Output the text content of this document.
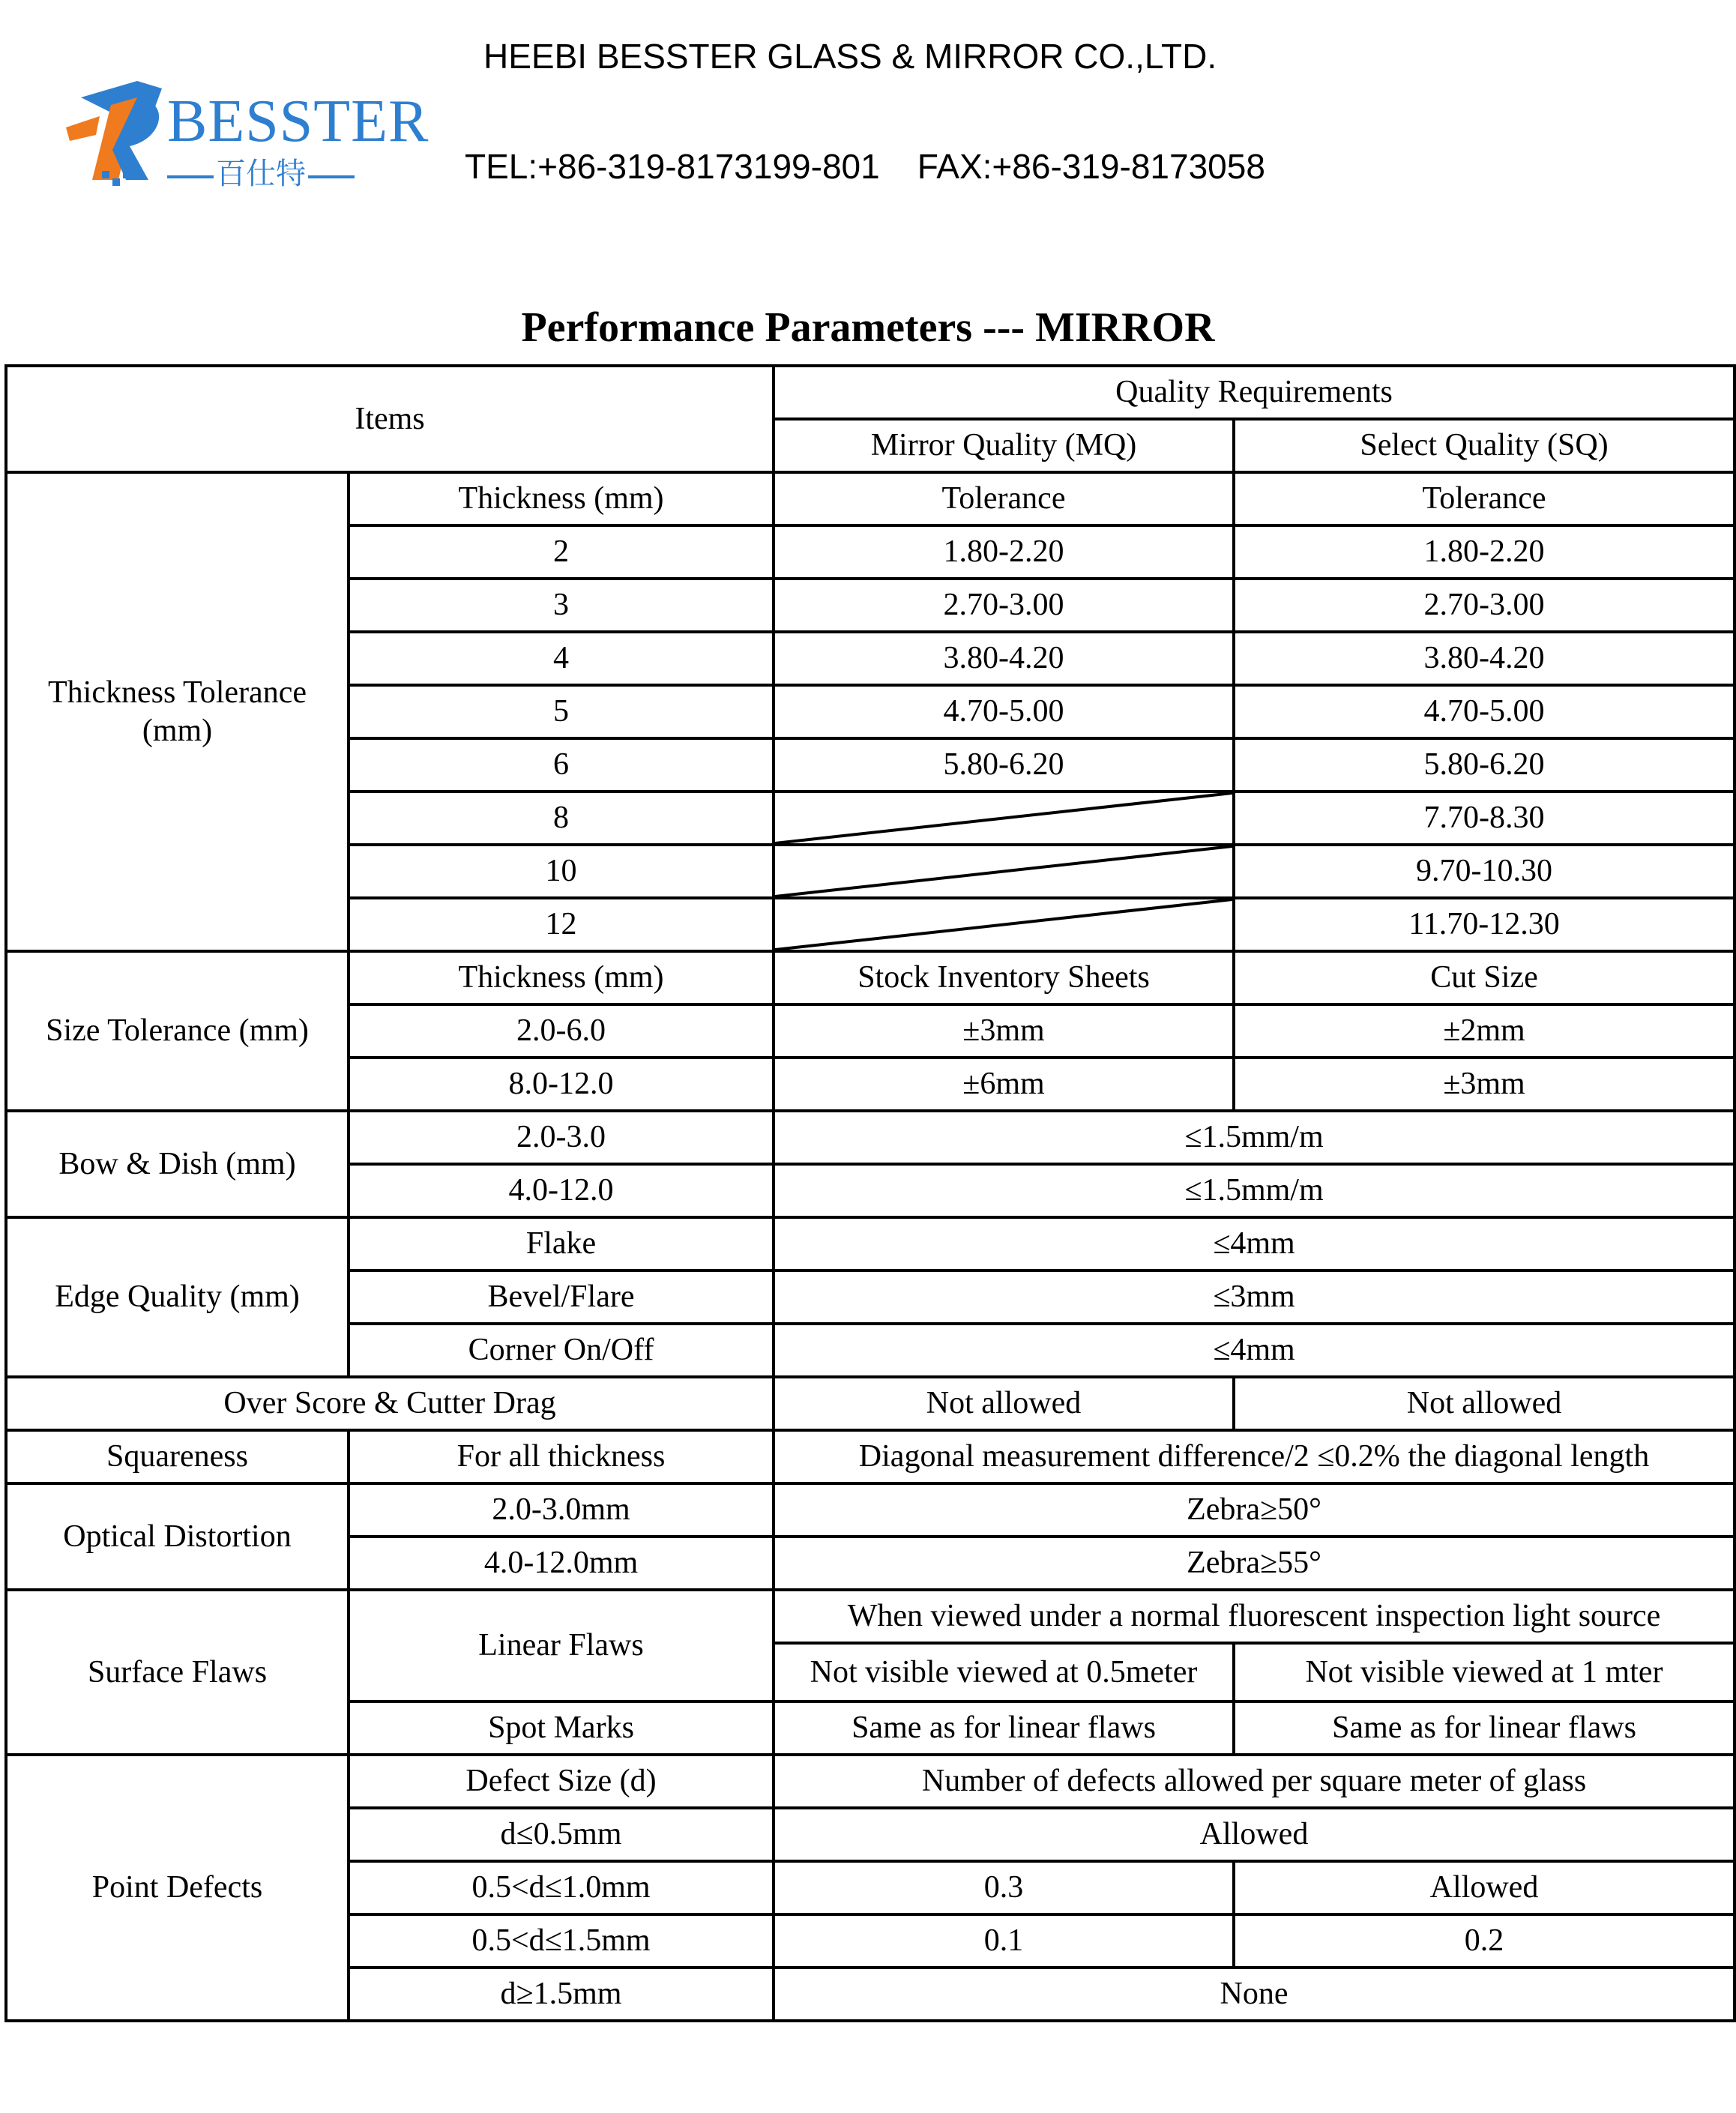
BESSTER
百仕特
HEEBI BESSTER GLASS & MIRROR CO.,LTD.
TEL:+86-319-8173199-801 FAX:+86-319-8173058
Performance Parameters --- MIRROR
Items		Quality Requirements	
		Mirror Quality (MQ)	Select Quality (SQ)
Thickness Tolerance (mm)	Thickness (mm)	Tolerance	Tolerance
	2	1.80-2.20	1.80-2.20
	3	2.70-3.00	2.70-3.00
	4	3.80-4.20	3.80-4.20
	5	4.70-5.00	4.70-5.00
	6	5.80-6.20	5.80-6.20
	8		7.70-8.30
	10		9.70-10.30
	12		11.70-12.30
Size Tolerance (mm)	Thickness (mm)	Stock Inventory Sheets	Cut Size
	2.0-6.0	±3mm	±2mm
	8.0-12.0	±6mm	±3mm
Bow & Dish (mm)	2.0-3.0	≤1.5mm/m	
	4.0-12.0	≤1.5mm/m	
Edge Quality (mm)	Flake	≤4mm	
	Bevel/Flare	≤3mm	
	Corner On/Off	≤4mm	
Over Score & Cutter Drag		Not allowed	Not allowed
Squareness	For all thickness	Diagonal measurement difference/2 ≤0.2% the diagonal length	
Optical Distortion	2.0-3.0mm	Zebra≥50°	
	4.0-12.0mm	Zebra≥55°	
Surface Flaws	Linear Flaws	When viewed under a normal fluorescent inspection light source	
		Not visible viewed at 0.5meter	Not visible viewed at 1 mter
	Spot Marks	Same as for linear flaws	Same as for linear flaws
Point Defects	Defect Size (d)	Number of defects allowed per square meter of glass	
	d≤0.5mm	Allowed	
	0.5<d≤1.0mm	0.3	Allowed
	0.5<d≤1.5mm	0.1	0.2
	d≥1.5mm	None	
